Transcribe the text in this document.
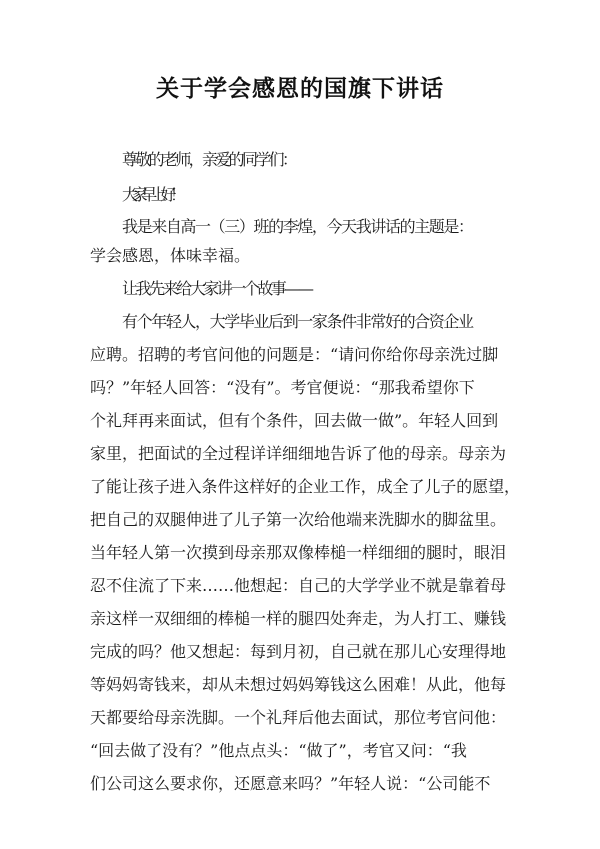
关于学会感恩的国旗下讲话

尊敬的老师，亲爱的同学们：

大家早上好！

我是来自高一（三）班的李煌，今天我讲话的主题是：

学会感恩，体味幸福。

让我先来给大家讲一个故事——

有个年轻人，大学毕业后到一家条件非常好的合资企业

应聘。招聘的考官问他的问题是：“请问你给你母亲洗过脚

吗？”年轻人回答：“没有”。考官便说：“那我希望你下

个礼拜再来面试，但有个条件，回去做一做”。年轻人回到

家里，把面试的全过程详详细细地告诉了他的母亲。母亲为

了能让孩子进入条件这样好的企业工作，成全了儿子的愿望，

把自己的双腿伸进了儿子第一次给他端来洗脚水的脚盆里。

当年轻人第一次摸到母亲那双像棒槌一样细细的腿时，眼泪

忍不住流了下来……他想起：自己的大学学业不就是靠着母

亲这样一双细细的棒槌一样的腿四处奔走，为人打工、赚钱

完成的吗？他又想起：每到月初，自己就在那儿心安理得地

等妈妈寄钱来，却从未想过妈妈筹钱这么困难！从此，他每

天都要给母亲洗脚。一个礼拜后他去面试，那位考官问他：

“回去做了没有？”他点点头：“做了”，考官又问：“我

们公司这么要求你，还愿意来吗？”年轻人说：“公司能不
